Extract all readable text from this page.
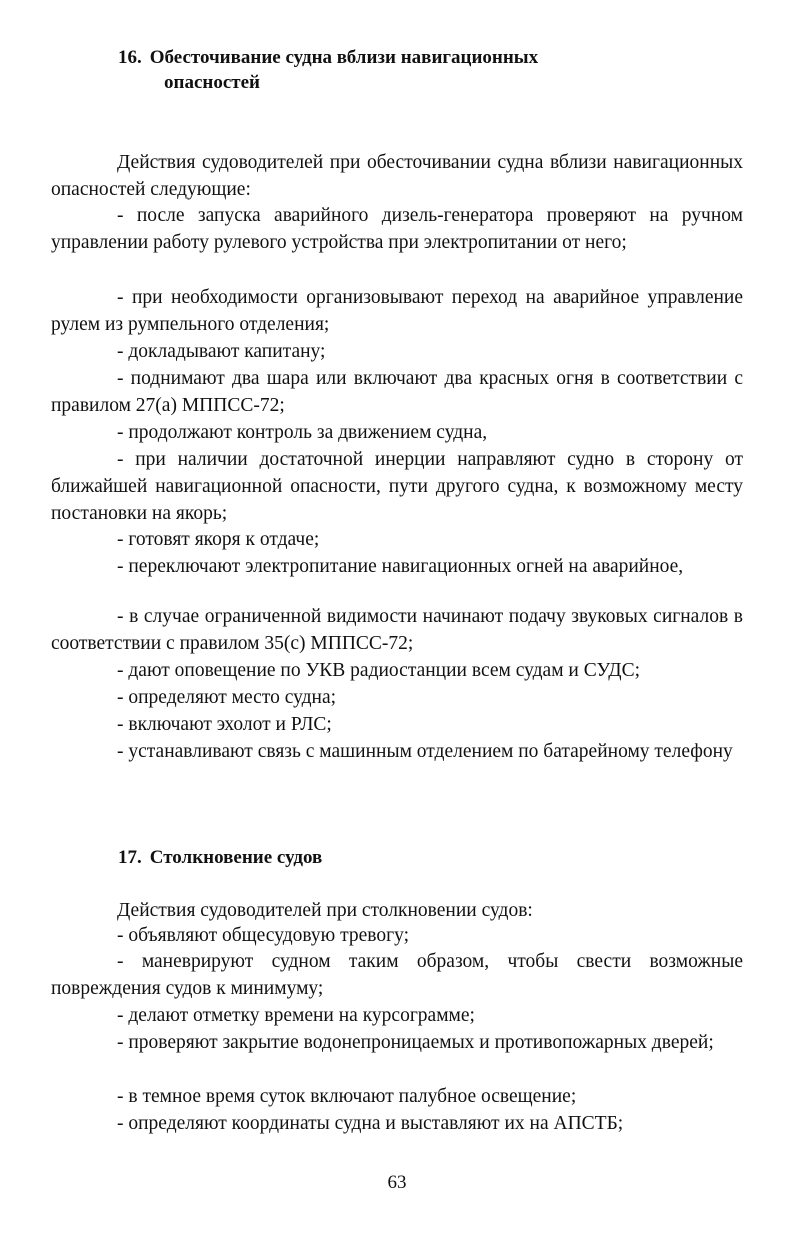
16. Обесточивание судна вблизи навигационных
опасностей

Действия судоводителей при обесточивании судна вблизи навигационных опасностей следующие:

- после запуска аварийного дизель-генератора проверяют на ручном управлении работу рулевого устройства при электропитании от него;

- при необходимости организовывают переход на аварийное управление рулем из румпельного отделения;

- докладывают капитану;

- поднимают два шара или включают два красных огня в соответствии с правилом 27(а) МППСС-72;

- продолжают контроль за движением судна,

- при наличии достаточной инерции направляют судно в сторону от ближайшей навигационной опасности, пути другого судна, к возможному месту постановки на якорь;

- готовят якоря к отдаче;

- переключают электропитание навигационных огней на аварийное,

- в случае ограниченной видимости начинают подачу звуковых сигналов в соответствии с правилом 35(с) МППСС-72;

- дают оповещение по УКВ радиостанции всем судам и СУДС;

- определяют место судна;

- включают эхолот и РЛС;

- устанавливают связь с машинным отделением по батарейному телефону

17. Столкновение судов

Действия судоводителей при столкновении судов:

- объявляют общесудовую тревогу;

- маневрируют судном таким образом, чтобы свести возможные повреждения судов к минимуму;

- делают отметку времени на курсограмме;

- проверяют закрытие водонепроницаемых и противопожарных дверей;

- в темное время суток включают палубное освещение;

- определяют координаты судна и выставляют их на АПСТБ;

63
